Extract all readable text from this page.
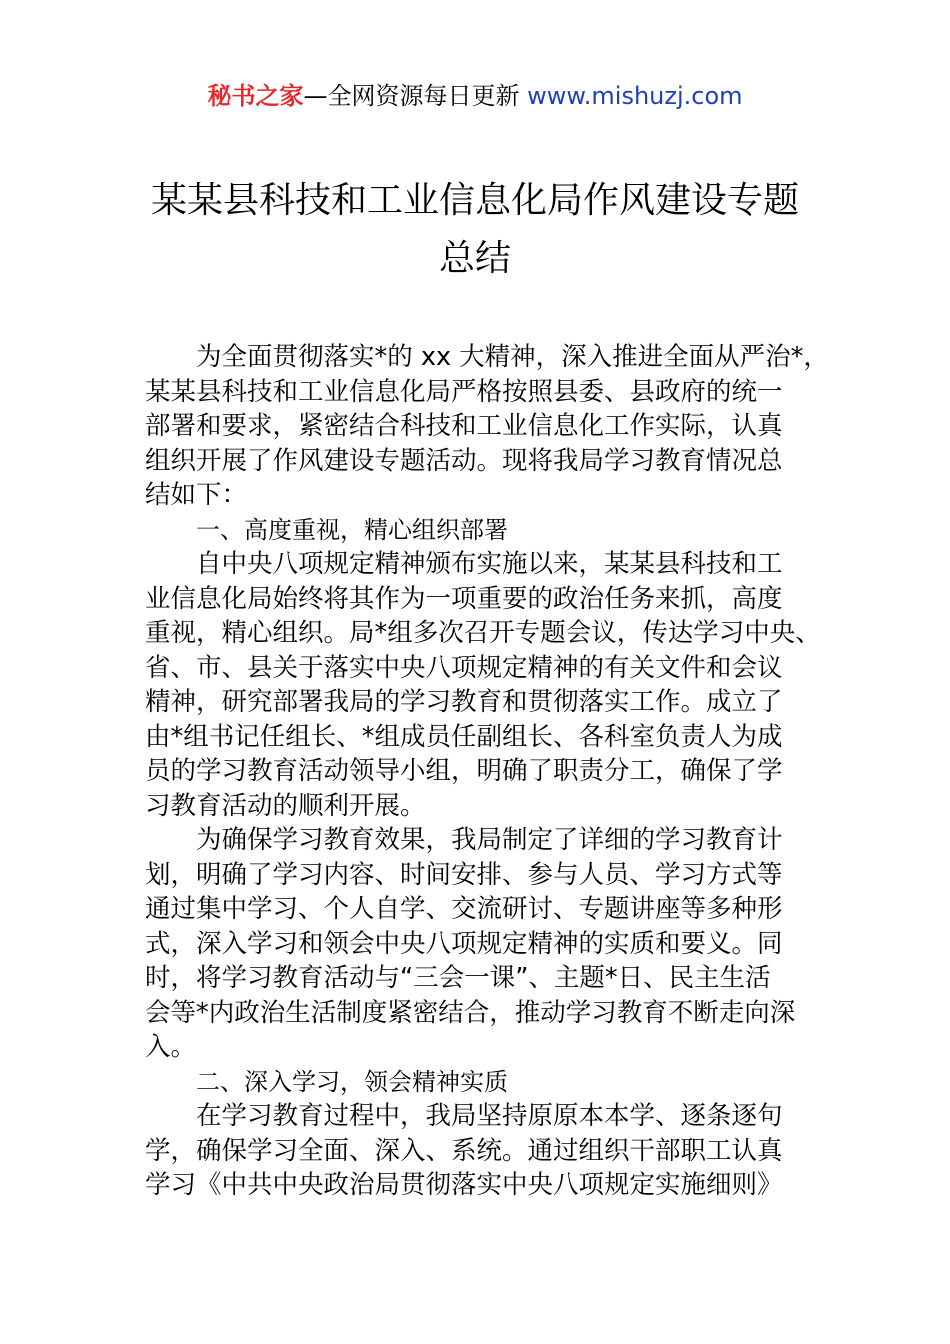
秘书之家—全网资源每日更新 www.mishuzj.com
某某县科技和工业信息化局作风建设专题
总结
为全面贯彻落实*的 xx 大精神，深入推进全面从严治*，
某某县科技和工业信息化局严格按照县委、县政府的统一
部署和要求，紧密结合科技和工业信息化工作实际，认真
组织开展了作风建设专题活动。现将我局学习教育情况总
结如下：
一、高度重视，精心组织部署
自中央八项规定精神颁布实施以来，某某县科技和工
业信息化局始终将其作为一项重要的政治任务来抓，高度
重视，精心组织。局*组多次召开专题会议，传达学习中央、
省、市、县关于落实中央八项规定精神的有关文件和会议
精神，研究部署我局的学习教育和贯彻落实工作。成立了
由*组书记任组长、*组成员任副组长、各科室负责人为成
员的学习教育活动领导小组，明确了职责分工，确保了学
习教育活动的顺利开展。
为确保学习教育效果，我局制定了详细的学习教育计
划，明确了学习内容、时间安排、参与人员、学习方式等
通过集中学习、个人自学、交流研讨、专题讲座等多种形
式，深入学习和领会中央八项规定精神的实质和要义。同
时，将学习教育活动与“三会一课”、主题*日、民主生活
会等*内政治生活制度紧密结合，推动学习教育不断走向深
入。
二、深入学习，领会精神实质
在学习教育过程中，我局坚持原原本本学、逐条逐句
学，确保学习全面、深入、系统。通过组织干部职工认真
学习《中共中央政治局贯彻落实中央八项规定实施细则》
